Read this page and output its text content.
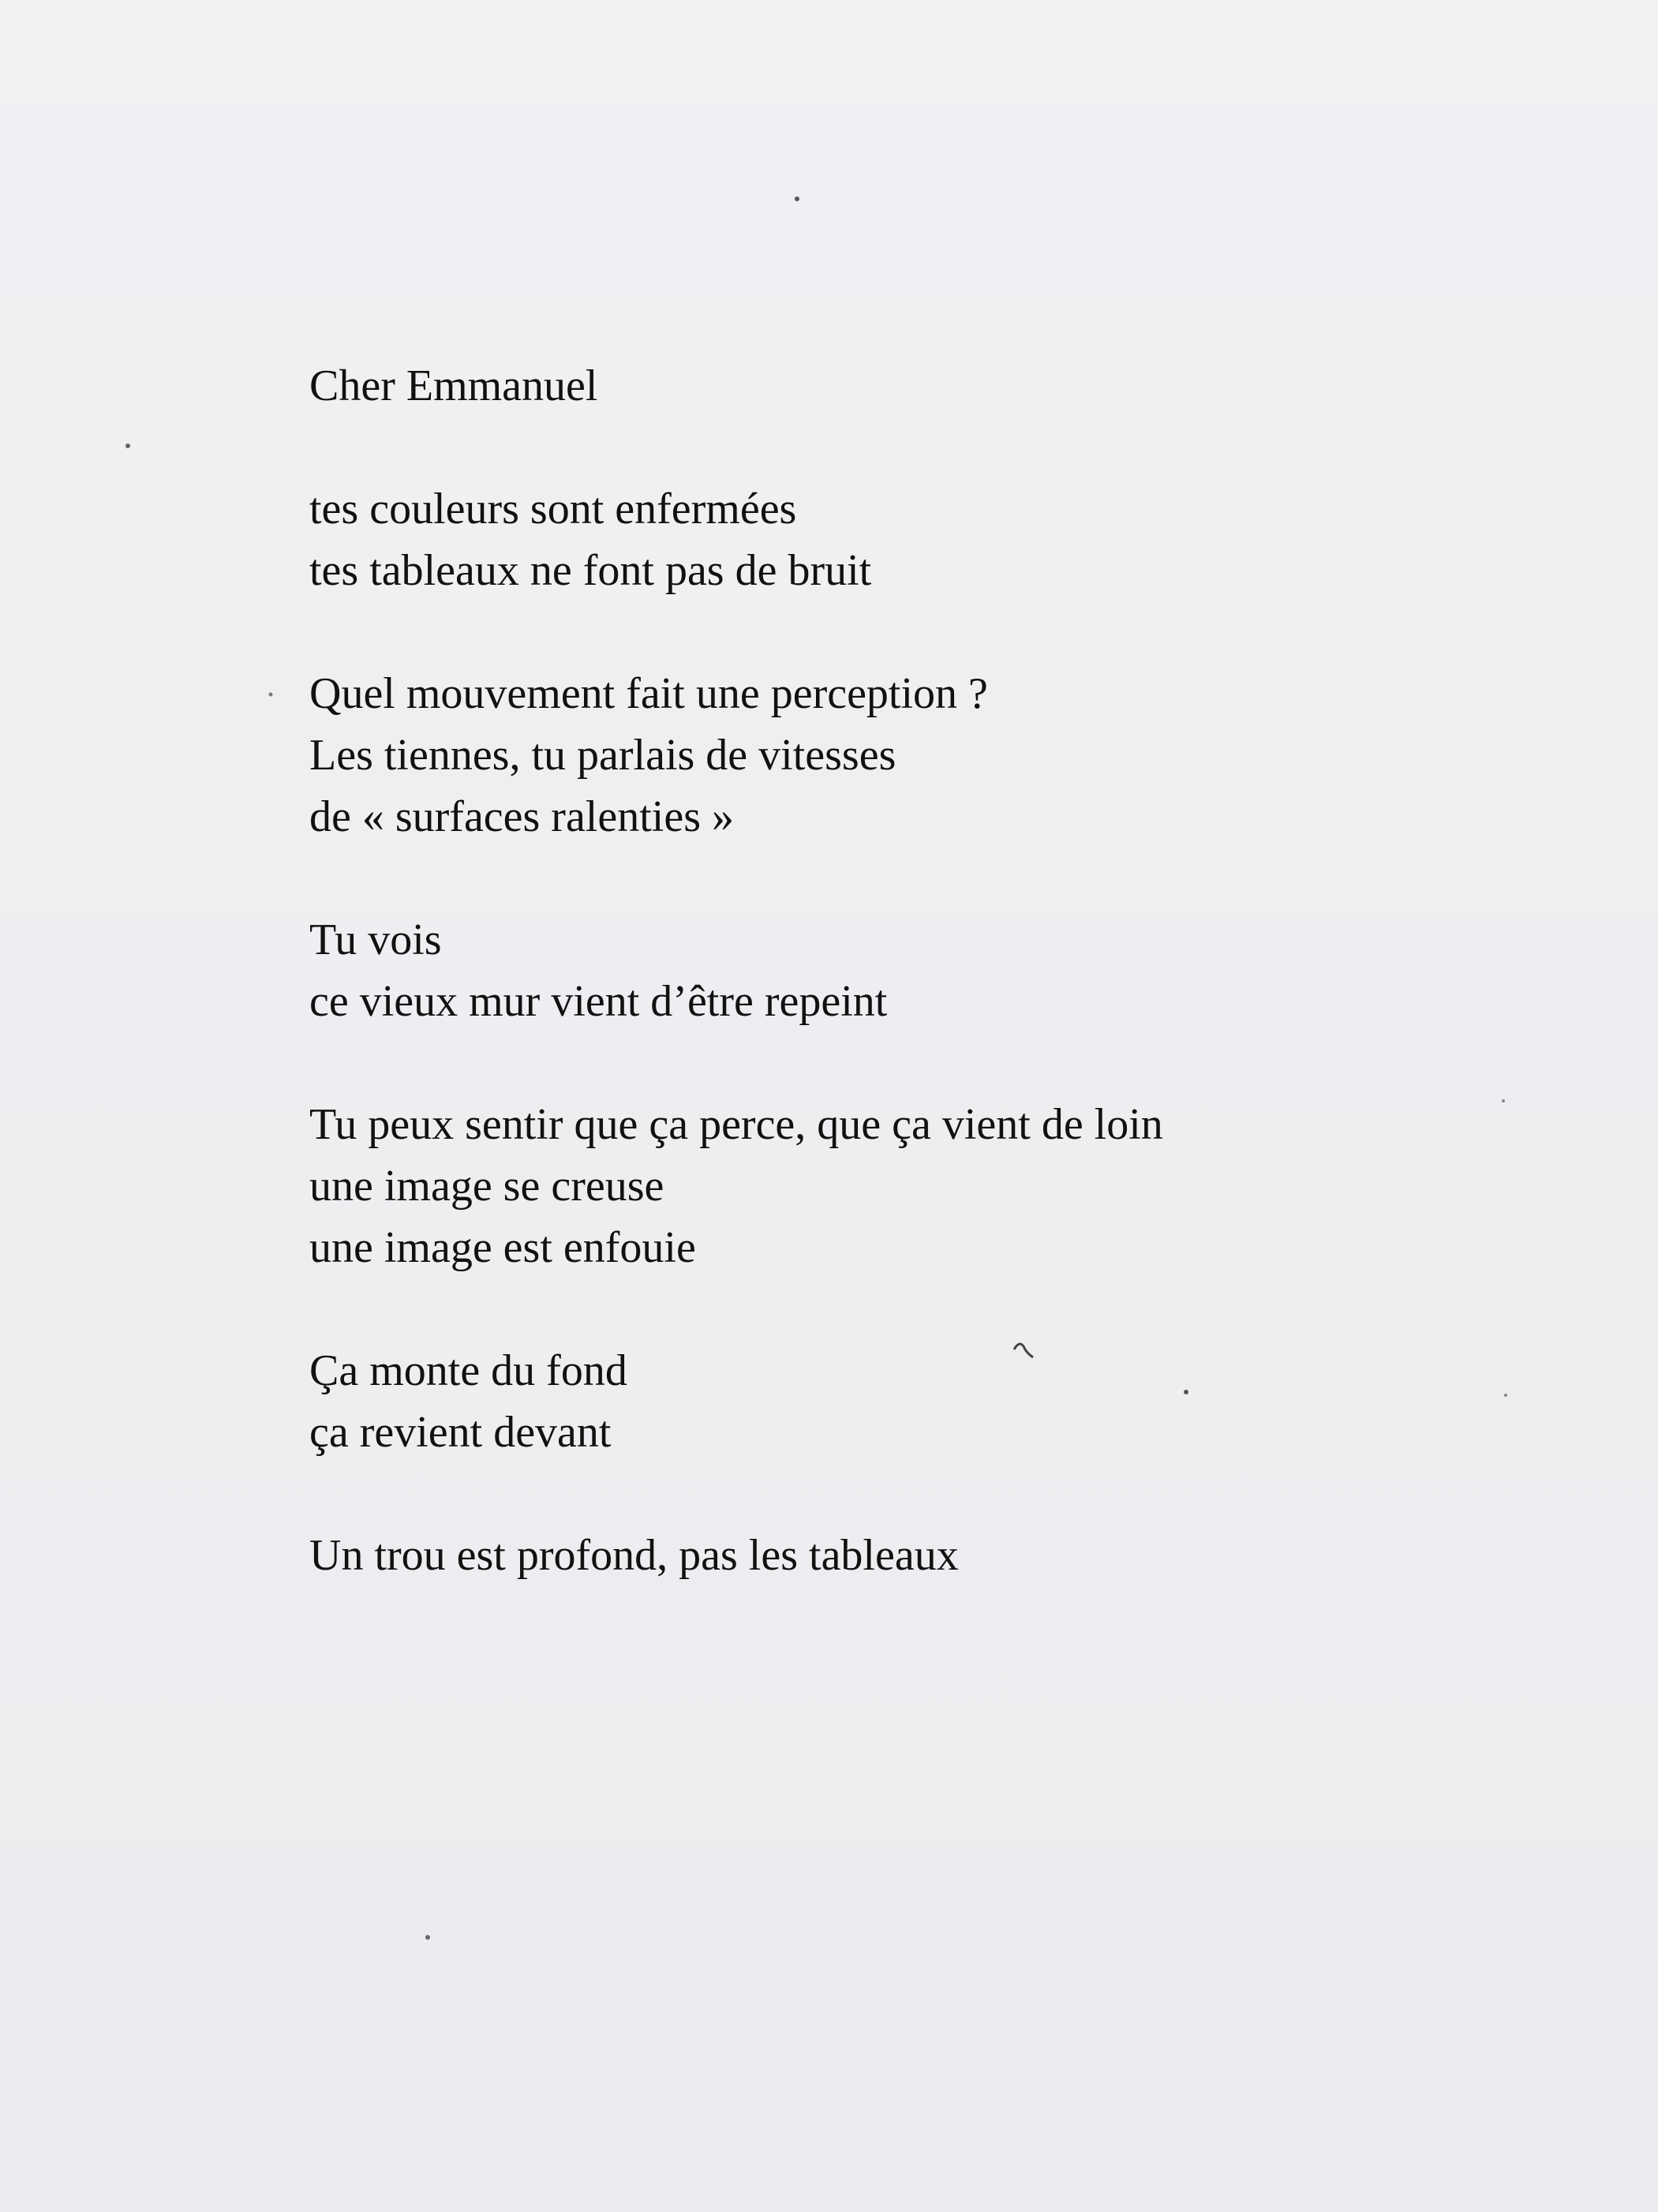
Cher Emmanuel
tes couleurs sont enfermées
tes tableaux ne font pas de bruit
Quel mouvement fait une perception ?
Les tiennes, tu parlais de vitesses
de « surfaces ralenties »
Tu vois
ce vieux mur vient d’être repeint
Tu peux sentir que ça perce, que ça vient de loin
une image se creuse
une image est enfouie
Ça monte du fond
ça revient devant
Un trou est profond, pas les tableaux
